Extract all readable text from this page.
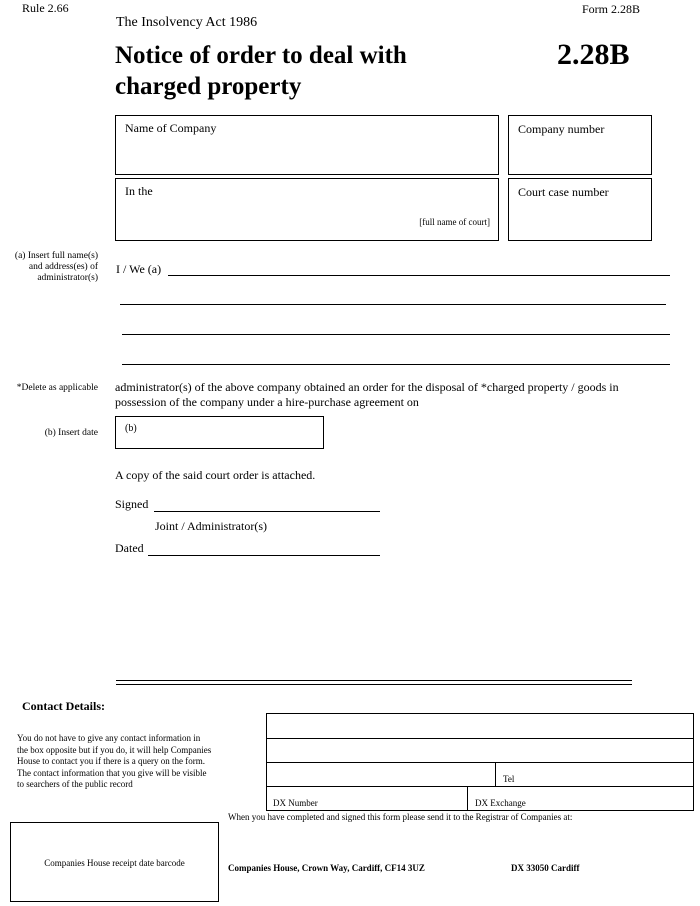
Rule 2.66	Form 2.28B
The Insolvency Act 1986
Notice of order to deal with
charged property
2.28B
Name of Company	Company number
In the
[full name of court]
Court case number
(a) Insert full name(s)
and address(es) of
administrator(s)
I / We (a)
*Delete as applicable administrator(s) of the above company obtained an order for the disposal of *charged property / goods in
possession of the company under a hire-purchase agreement on
(b) Insert date	(b)
A copy of the said court order is attached.
Signed
Joint / Administrator(s)
Dated
Contact Details:
You do not have to give any contact information in
the box opposite but if you do, it will help Companies
House to contact you if there is a query on the form.
The contact information that you give will be visible
to searchers of the public record	Tel
DX Number	DX Exchange
Companies House receipt date barcode
When you have completed and signed this form please send it to the Registrar of Companies at:
Companies House, Crown Way, Cardiff, CF14 3UZ	DX 33050 Cardiff
